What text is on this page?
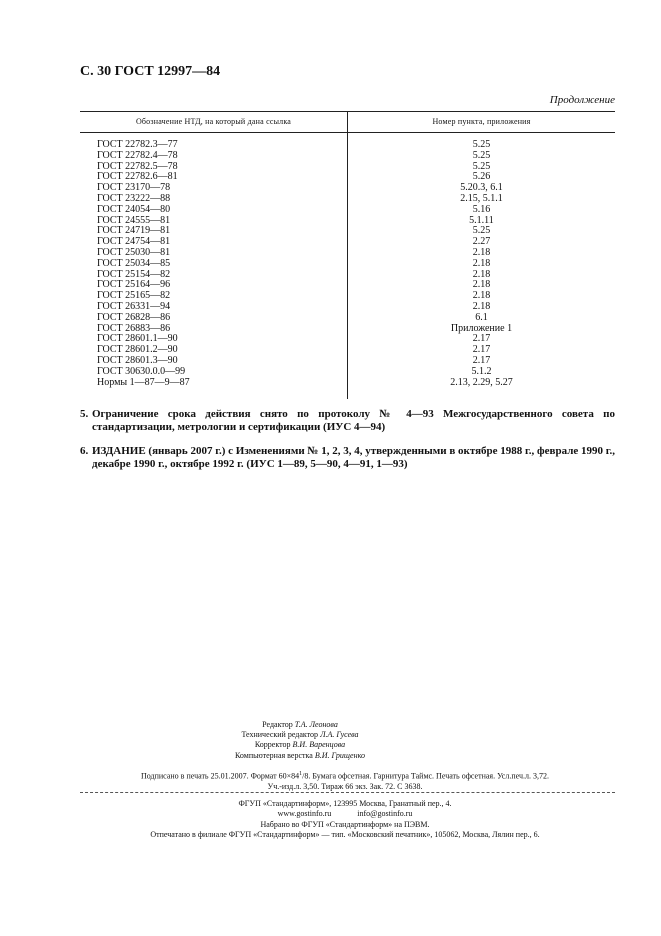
С. 30 ГОСТ 12997—84
Продолжение
Обозначение НТД, на который дана ссылка	Номер пункта, приложения
ГОСТ 22782.3—77	5.25
ГОСТ 22782.4—78	5.25
ГОСТ 22782.5—78	5.25
ГОСТ 22782.6—81	5.26
ГОСТ 23170—78	5.20.3, 6.1
ГОСТ 23222—88	2.15, 5.1.1
ГОСТ 24054—80	5.16
ГОСТ 24555—81	5.1.11
ГОСТ 24719—81	5.25
ГОСТ 24754—81	2.27
ГОСТ 25030—81	2.18
ГОСТ 25034—85	2.18
ГОСТ 25154—82	2.18
ГОСТ 25164—96	2.18
ГОСТ 25165—82	2.18
ГОСТ 26331—94	2.18
ГОСТ 26828—86	6.1
ГОСТ 26883—86	Приложение 1
ГОСТ 28601.1—90	2.17
ГОСТ 28601.2—90	2.17
ГОСТ 28601.3—90	2.17
ГОСТ 30630.0.0—99	5.1.2
Нормы 1—87—9—87	2.13, 2.29, 5.27
5. Ограничение срока действия снято по протоколу № 4—93 Межгосударственного совета по стандартизации, метрологии и сертификации (ИУС 4—94)
6. ИЗДАНИЕ (январь 2007 г.) с Изменениями № 1, 2, 3, 4, утвержденными в октябре 1988 г., феврале 1990 г., декабре 1990 г., октябре 1992 г. (ИУС 1—89, 5—90, 4—91, 1—93)
Редактор Т.А. Леонова
Технический редактор Л.А. Гусева
Корректор В.И. Варенцова
Компьютерная верстка В.И. Грищенко
Подписано в печать 25.01.2007. Формат $60\times 84^1/8$. Бумага офсетная. Гарнитура Таймс. Печать офсетная. Усл.печ.л. 3,72.
Уч.-изд.л. 3,50. Тираж 66 экз. Зак. 72. С 3638.
ФГУП «Стандартинформ», 123995 Москва, Гранатный пер., 4.
www.gostinfo.ru	info@gostinfo.ru
Набрано во ФГУП «Стандартинформ» на ПЭВМ.
Отпечатано в филиале ФГУП «Стандартинформ» — тип. «Московский печатник», 105062, Москва, Лялин пер., 6.
